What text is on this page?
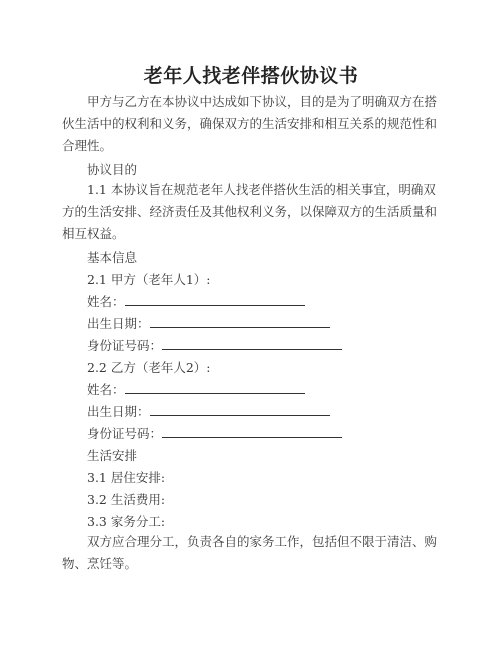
老年人找老伴搭伙协议书

甲方与乙方在本协议中达成如下协议，目的是为了明确双方在搭伙生活中的权利和义务，确保双方的生活安排和相互关系的规范性和合理性。

协议目的

1.1 本协议旨在规范老年人找老伴搭伙生活的相关事宜，明确双方的生活安排、经济责任及其他权利义务，以保障双方的生活质量和相互权益。

基本信息
2.1 甲方（老年人1）:
姓名：
出生日期：
身份证号码：
2.2 乙方（老年人2）:
姓名：
出生日期：
身份证号码：
生活安排
3.1 居住安排:
3.2 生活费用:
3.3 家务分工:

双方应合理分工，负责各自的家务工作，包括但不限于清洁、购物、烹饪等。
